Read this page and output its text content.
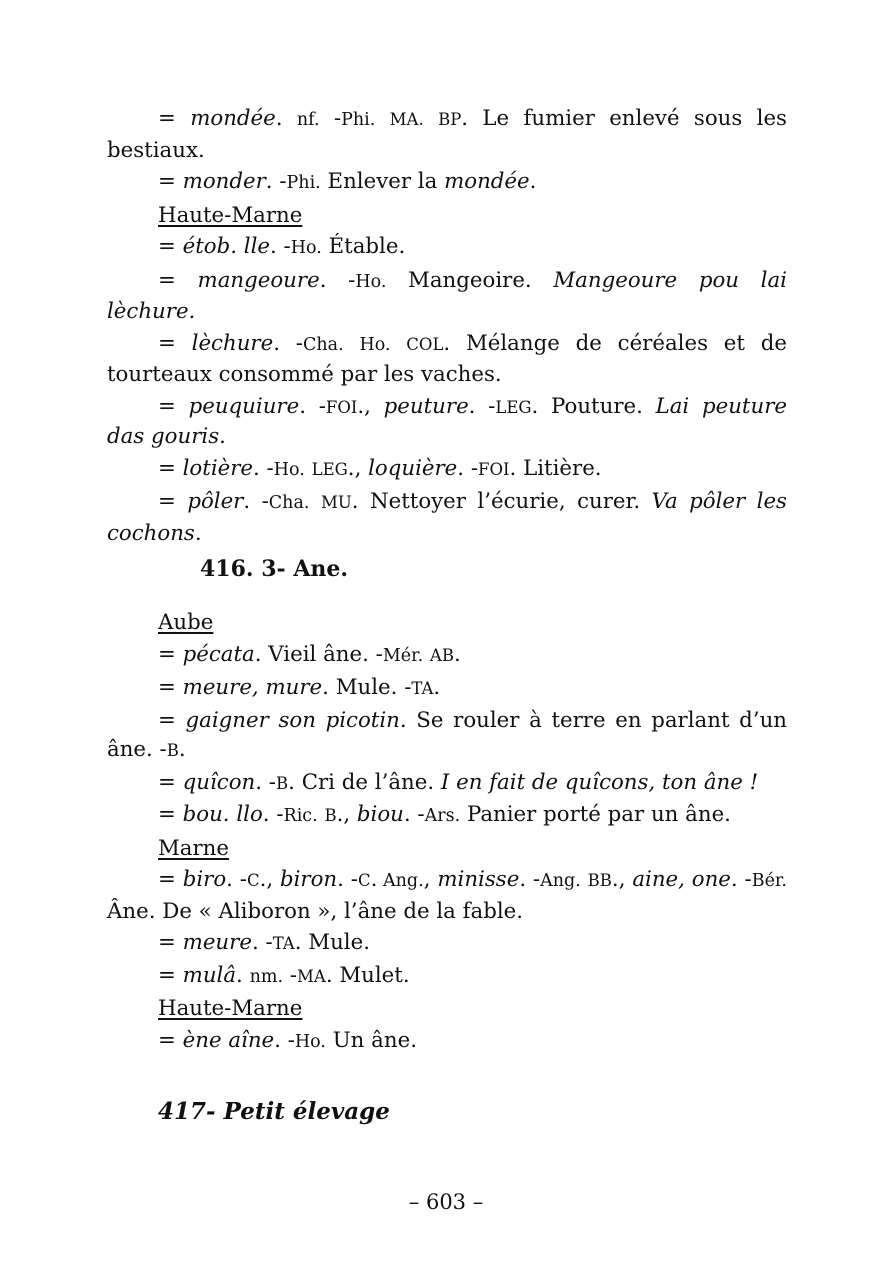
= mondée. nf. -Phi. MA. BP. Le fumier enlevé sous les bestiaux.

= monder. -Phi. Enlever la mondée.

Haute-Marne

= étob. lle. -Ho. Étable.

= mangeoure. -Ho. Mangeoire. Mangeoure pou lai lèchure.

= lèchure. -Cha. Ho. COL. Mélange de céréales et de tourteaux consommé par les vaches.

= peuquiure. -FOI., peuture. -LEG. Pouture. Lai peuture das gouris.

= lotière. -Ho. LEG., loquière. -FOI. Litière.

= pôler. -Cha. MU. Nettoyer l’écurie, curer. Va pôler les cochons.

416. 3- Ane.

Aube

= pécata. Vieil âne. -Mér. AB.

= meure, mure. Mule. -TA.

= gaigner son picotin. Se rouler à terre en parlant d’un âne. -B.

= quîcon. -B. Cri de l’âne. I en fait de quîcons, ton âne !

= bou. llo. -Ric. B., biou. -Ars. Panier porté par un âne.

Marne

= biro. -C., biron. -C. Ang., minisse. -Ang. BB., aine, one. -Bér. Âne. De « Aliboron », l’âne de la fable.

= meure. -TA. Mule.

= mulâ. nm. -MA. Mulet.

Haute-Marne

= ène aîne. -Ho. Un âne.

417- Petit élevage
– 603 –
